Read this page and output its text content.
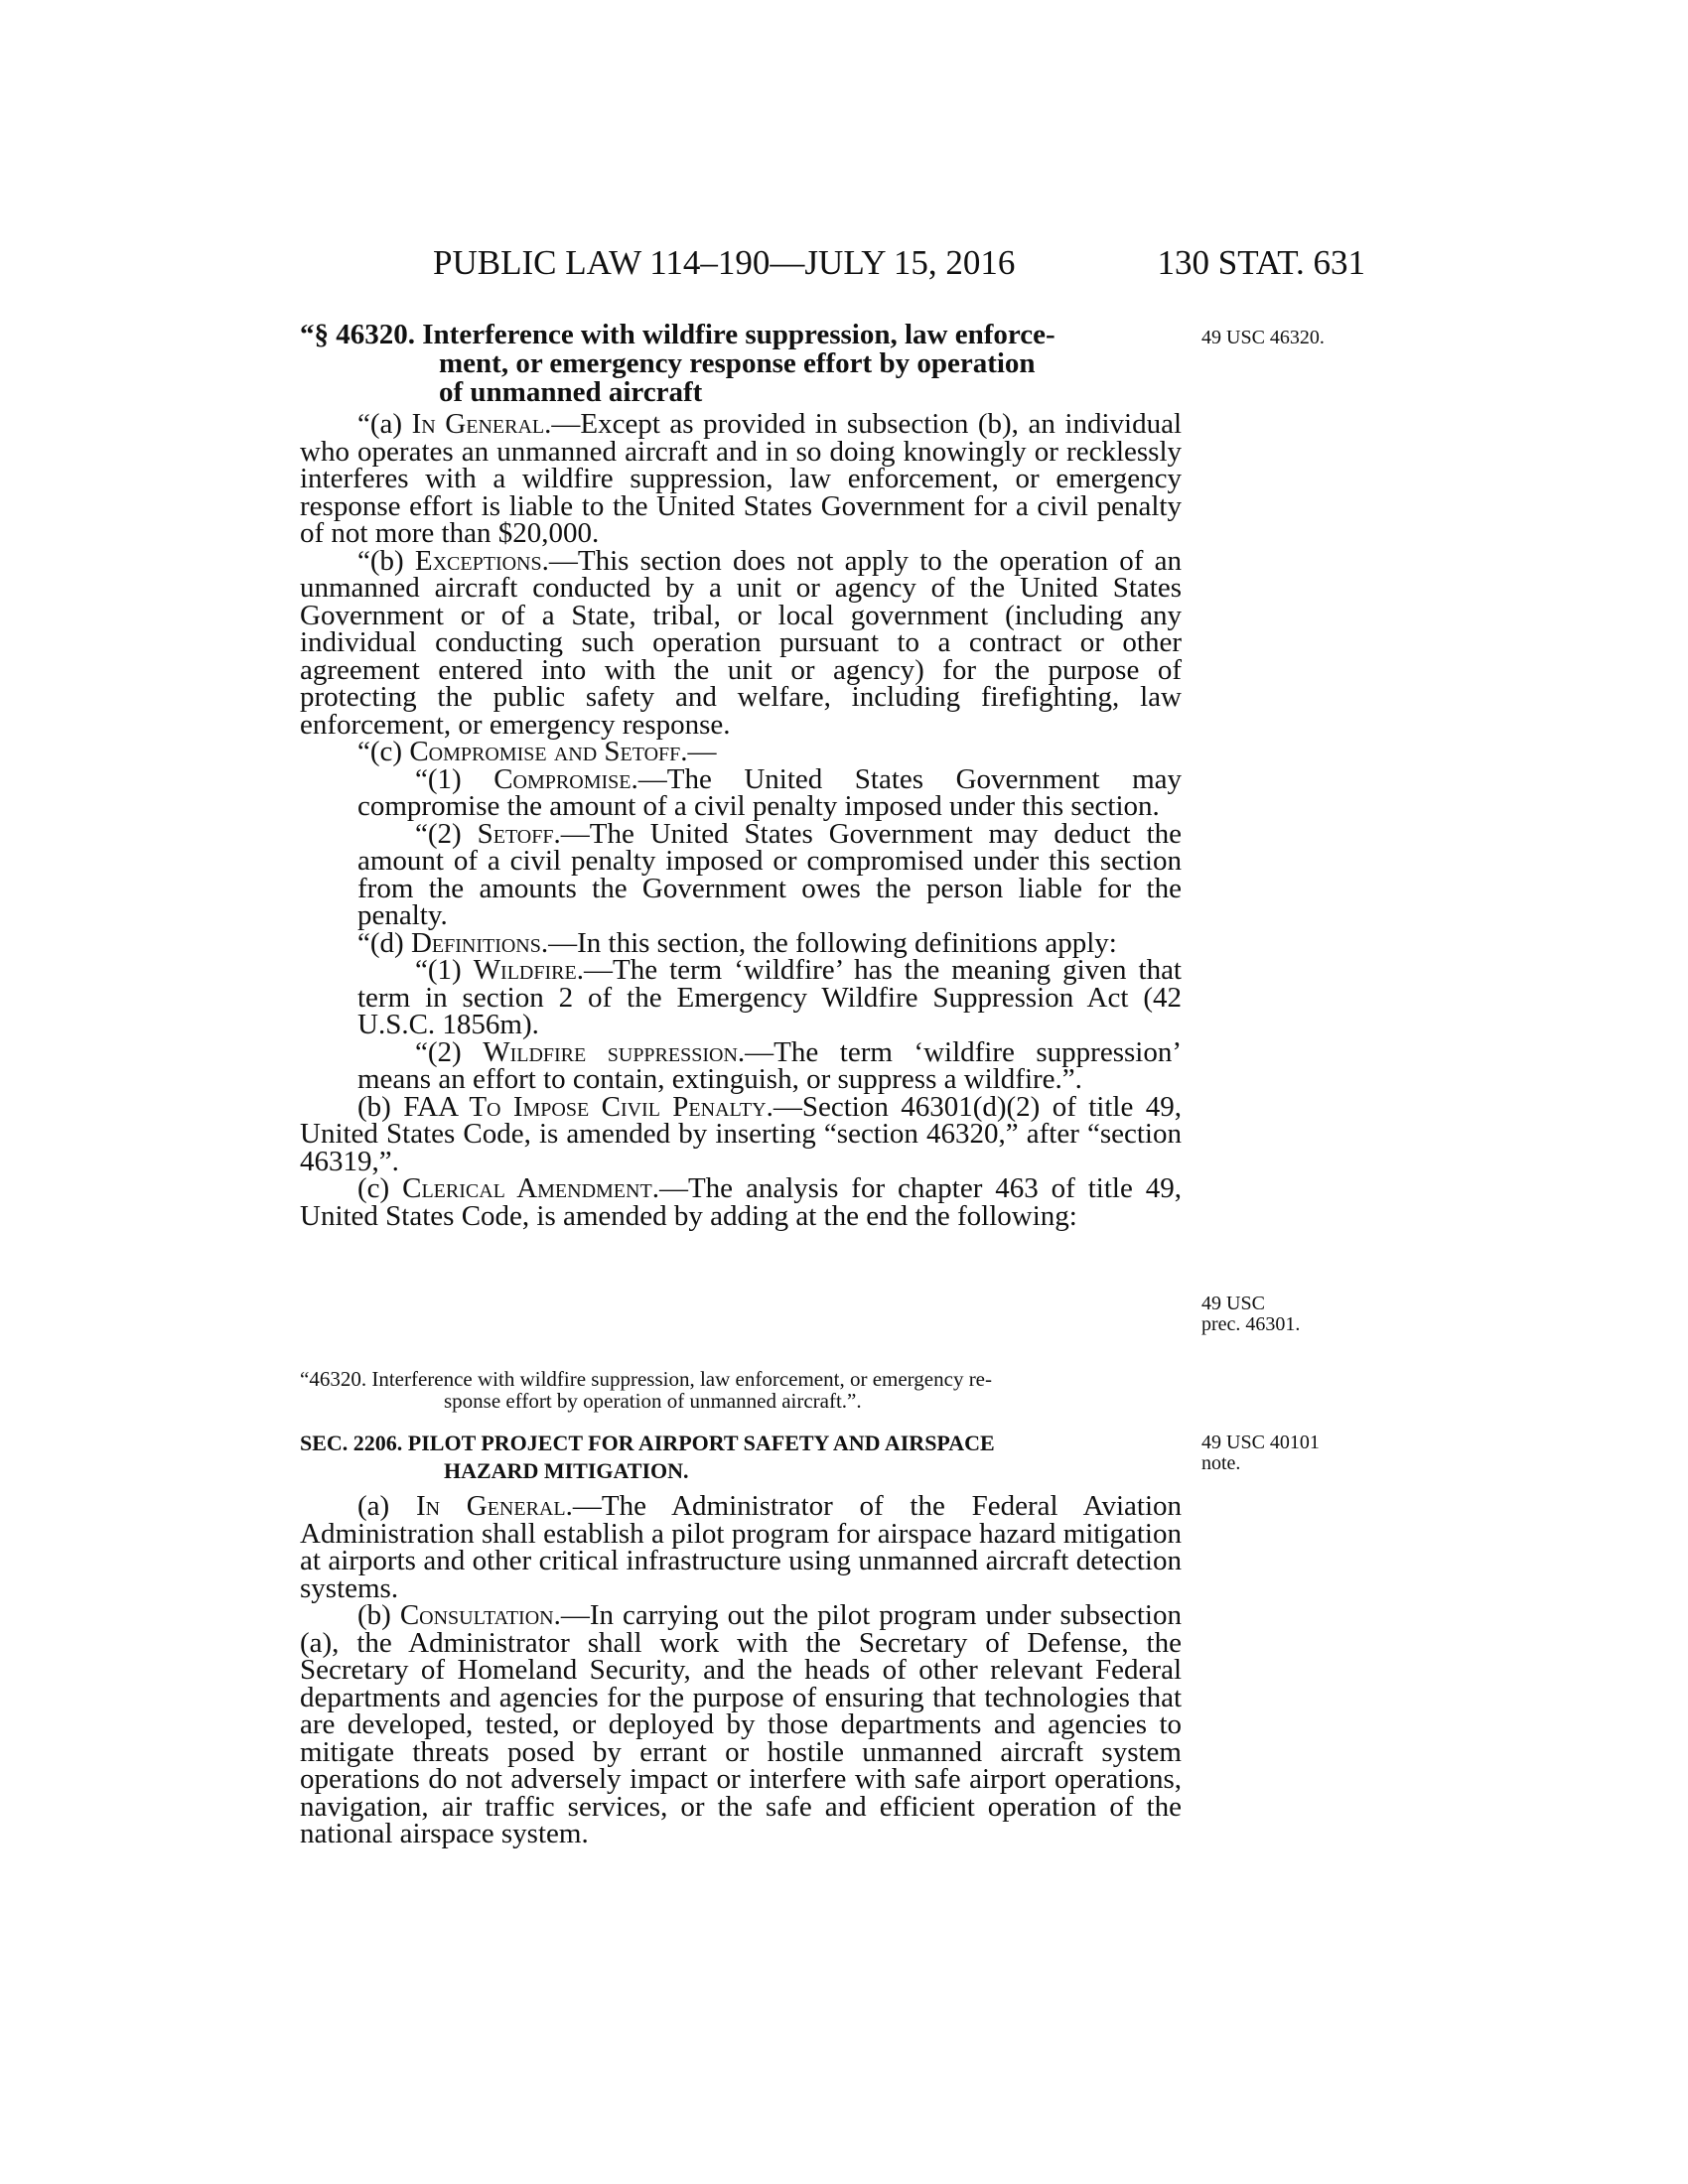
PUBLIC LAW 114–190—JULY 15, 2016	130 STAT. 631
“§ 46320. Interference with wildfire suppression, law enforce-
ment, or emergency response effort by operation
of unmanned aircraft

“(a) In General.—Except as provided in subsection (b), an individual who operates an unmanned aircraft and in so doing knowingly or recklessly interferes with a wildfire suppression, law enforcement, or emergency response effort is liable to the United States Government for a civil penalty of not more than $20,000.

“(b) Exceptions.—This section does not apply to the operation of an unmanned aircraft conducted by a unit or agency of the United States Government or of a State, tribal, or local government (including any individual conducting such operation pursuant to a contract or other agreement entered into with the unit or agency) for the purpose of protecting the public safety and welfare, including firefighting, law enforcement, or emergency response.

“(c) Compromise and Setoff.—

“(1) Compromise.—The United States Government may compromise the amount of a civil penalty imposed under this section.

“(2) Setoff.—The United States Government may deduct the amount of a civil penalty imposed or compromised under this section from the amounts the Government owes the person liable for the penalty.

“(d) Definitions.—In this section, the following definitions apply:

“(1) Wildfire.—The term ‘wildfire’ has the meaning given that term in section 2 of the Emergency Wildfire Suppression Act (42 U.S.C. 1856m).

“(2) Wildfire suppression.—The term ‘wildfire suppression’ means an effort to contain, extinguish, or suppress a wildfire.”.

(b) FAA To Impose Civil Penalty.—Section 46301(d)(2) of title 49, United States Code, is amended by inserting “section 46320,” after “section 46319,”.

(c) Clerical Amendment.—The analysis for chapter 463 of title 49, United States Code, is amended by adding at the end the following:

“46320. Interference with wildfire suppression, law enforcement, or emergency re-
sponse effort by operation of unmanned aircraft.”.
SEC. 2206. PILOT PROJECT FOR AIRPORT SAFETY AND AIRSPACE
HAZARD MITIGATION.

(a) In General.—The Administrator of the Federal Aviation Administration shall establish a pilot program for airspace hazard mitigation at airports and other critical infrastructure using unmanned aircraft detection systems.

(b) Consultation.—In carrying out the pilot program under subsection (a), the Administrator shall work with the Secretary of Defense, the Secretary of Homeland Security, and the heads of other relevant Federal departments and agencies for the purpose of ensuring that technologies that are developed, tested, or deployed by those departments and agencies to mitigate threats posed by errant or hostile unmanned aircraft system operations do not adversely impact or interfere with safe airport operations, navigation, air traffic services, or the safe and efficient operation of the national airspace system.

49 USC 46320.
49 USC
prec. 46301.
49 USC 40101
note.
